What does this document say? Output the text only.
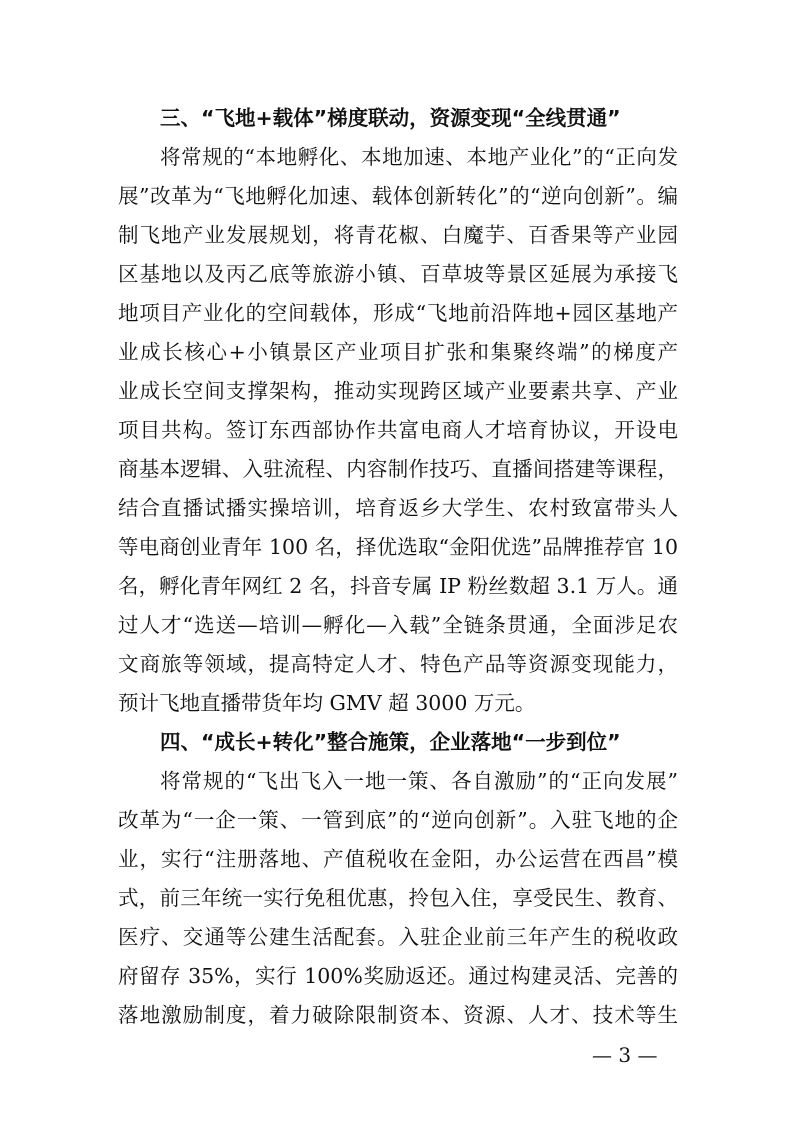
三、“飞地+载体”梯度联动，资源变现“全线贯通”
将常规的“本地孵化、本地加速、本地产业化”的“正向发
展”改革为“飞地孵化加速、载体创新转化”的“逆向创新”。编
制飞地产业发展规划，将青花椒、白魔芋、百香果等产业园
区基地以及丙乙底等旅游小镇、百草坡等景区延展为承接飞
地项目产业化的空间载体，形成“飞地前沿阵地+园区基地产
业成长核心+小镇景区产业项目扩张和集聚终端”的梯度产
业成长空间支撑架构，推动实现跨区域产业要素共享、产业
项目共构。签订东西部协作共富电商人才培育协议，开设电
商基本逻辑、入驻流程、内容制作技巧、直播间搭建等课程，
结合直播试播实操培训，培育返乡大学生、农村致富带头人
等电商创业青年 100 名，择优选取“金阳优选”品牌推荐官 10
名，孵化青年网红 2 名，抖音专属 IP 粉丝数超 3.1 万人。通
过人才“选送—培训—孵化—入载”全链条贯通，全面涉足农
文商旅等领域，提高特定人才、特色产品等资源变现能力，
预计飞地直播带货年均 GMV 超 3000 万元。
四、“成长+转化”整合施策，企业落地“一步到位”
将常规的“飞出飞入一地一策、各自激励”的“正向发展”
改革为“一企一策、一管到底”的“逆向创新”。入驻飞地的企
业，实行“注册落地、产值税收在金阳，办公运营在西昌”模
式，前三年统一实行免租优惠，拎包入住，享受民生、教育、
医疗、交通等公建生活配套。入驻企业前三年产生的税收政
府留存 35%，实行 100%奖励返还。通过构建灵活、完善的
落地激励制度，着力破除限制资本、资源、人才、技术等生
— 3 —
